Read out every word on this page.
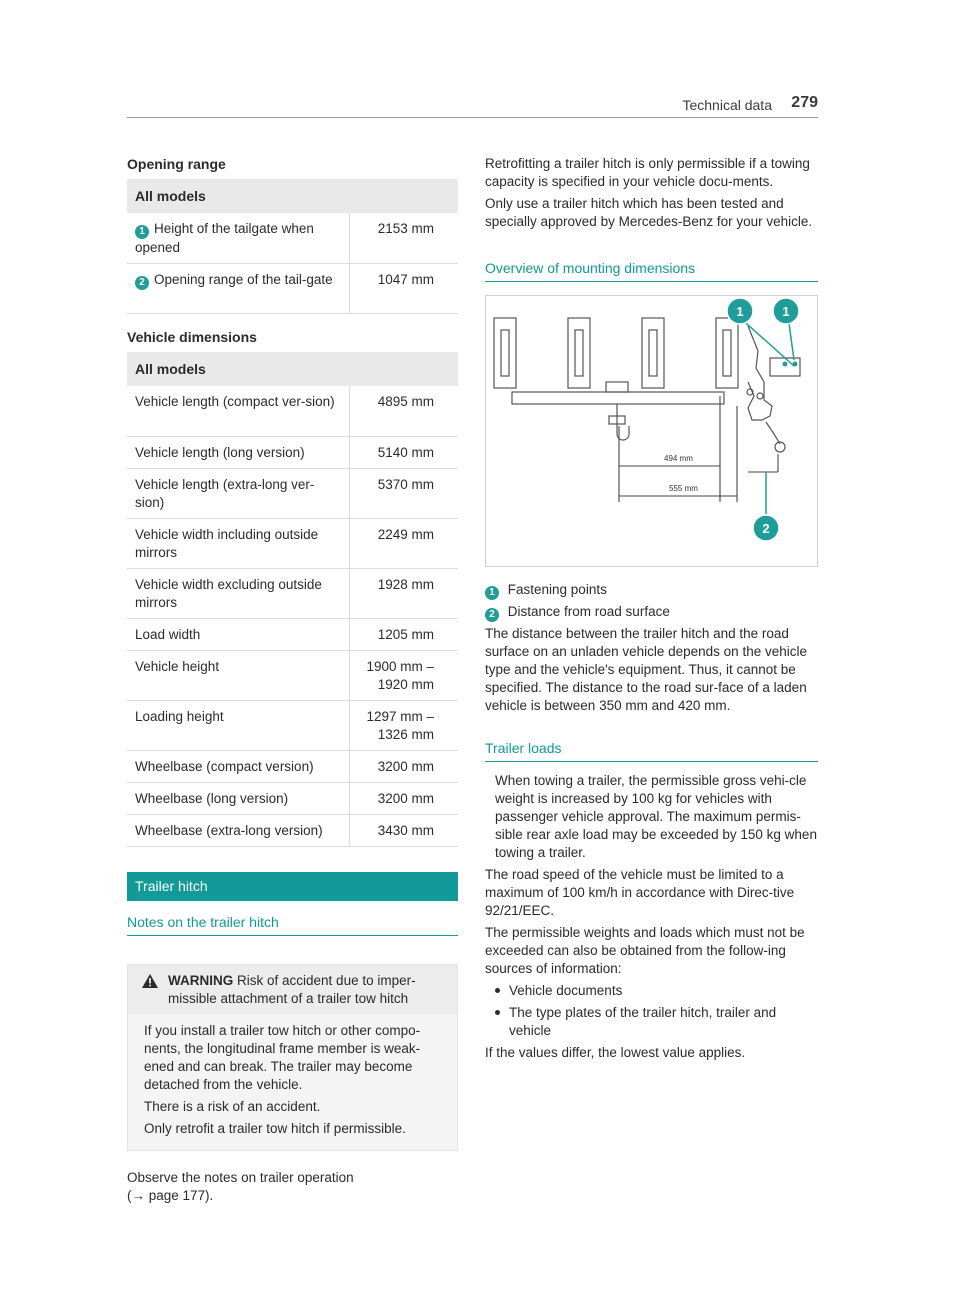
Technical data 279
Opening range
All models	
1 Height of the tailgate when opened	2153 mm
2 Opening range of the tail-gate	1047 mm
Vehicle dimensions
All models	
Vehicle length (compact ver-sion)	4895 mm
Vehicle length (long version)	5140 mm
Vehicle length (extra-long ver-sion)	5370 mm
Vehicle width including outside mirrors	2249 mm
Vehicle width excluding outside mirrors	1928 mm
Load width	1205 mm
Vehicle height	1900 mm –
1920 mm

Loading height	1297 mm –
1326 mm

Wheelbase (compact version)	3200 mm
Wheelbase (long version)	3200 mm
Wheelbase (extra-long version)	3430 mm
Trailer hitch
Notes on the trailer hitch
WARNING Risk of accident due to imper-missible attachment of a trailer tow hitch

If you install a trailer tow hitch or other compo-nents, the longitudinal frame member is weak-ened and can break. The trailer may become detached from the vehicle.

There is a risk of an accident.

Only retrofit a trailer tow hitch if permissible.

Observe the notes on trailer operation
(→ page 177).

Retrofitting a trailer hitch is only permissible if a towing capacity is specified in your vehicle docu-ments.

Only use a trailer hitch which has been tested and specially approved by Mercedes-Benz for your vehicle.

Overview of mounting dimensions
494 mm
555 mm
1	1
2
1 Fastening points
2 Distance from road surface

The distance between the trailer hitch and the road surface on an unladen vehicle depends on the vehicle type and the vehicle's equipment. Thus, it cannot be specified. The distance to the road sur-face of a laden vehicle is between 350 mm and 420 mm.

Trailer loads

When towing a trailer, the permissible gross vehi-cle weight is increased by 100 kg for vehicles with passenger vehicle approval. The maximum permis-sible rear axle load may be exceeded by 150 kg when towing a trailer.

The road speed of the vehicle must be limited to a maximum of 100 km/h in accordance with Direc-tive 92/21/EEC.

The permissible weights and loads which must not be exceeded can also be obtained from the follow-ing sources of information:

Vehicle documents
The type plates of the trailer hitch, trailer and vehicle

If the values differ, the lowest value applies.
